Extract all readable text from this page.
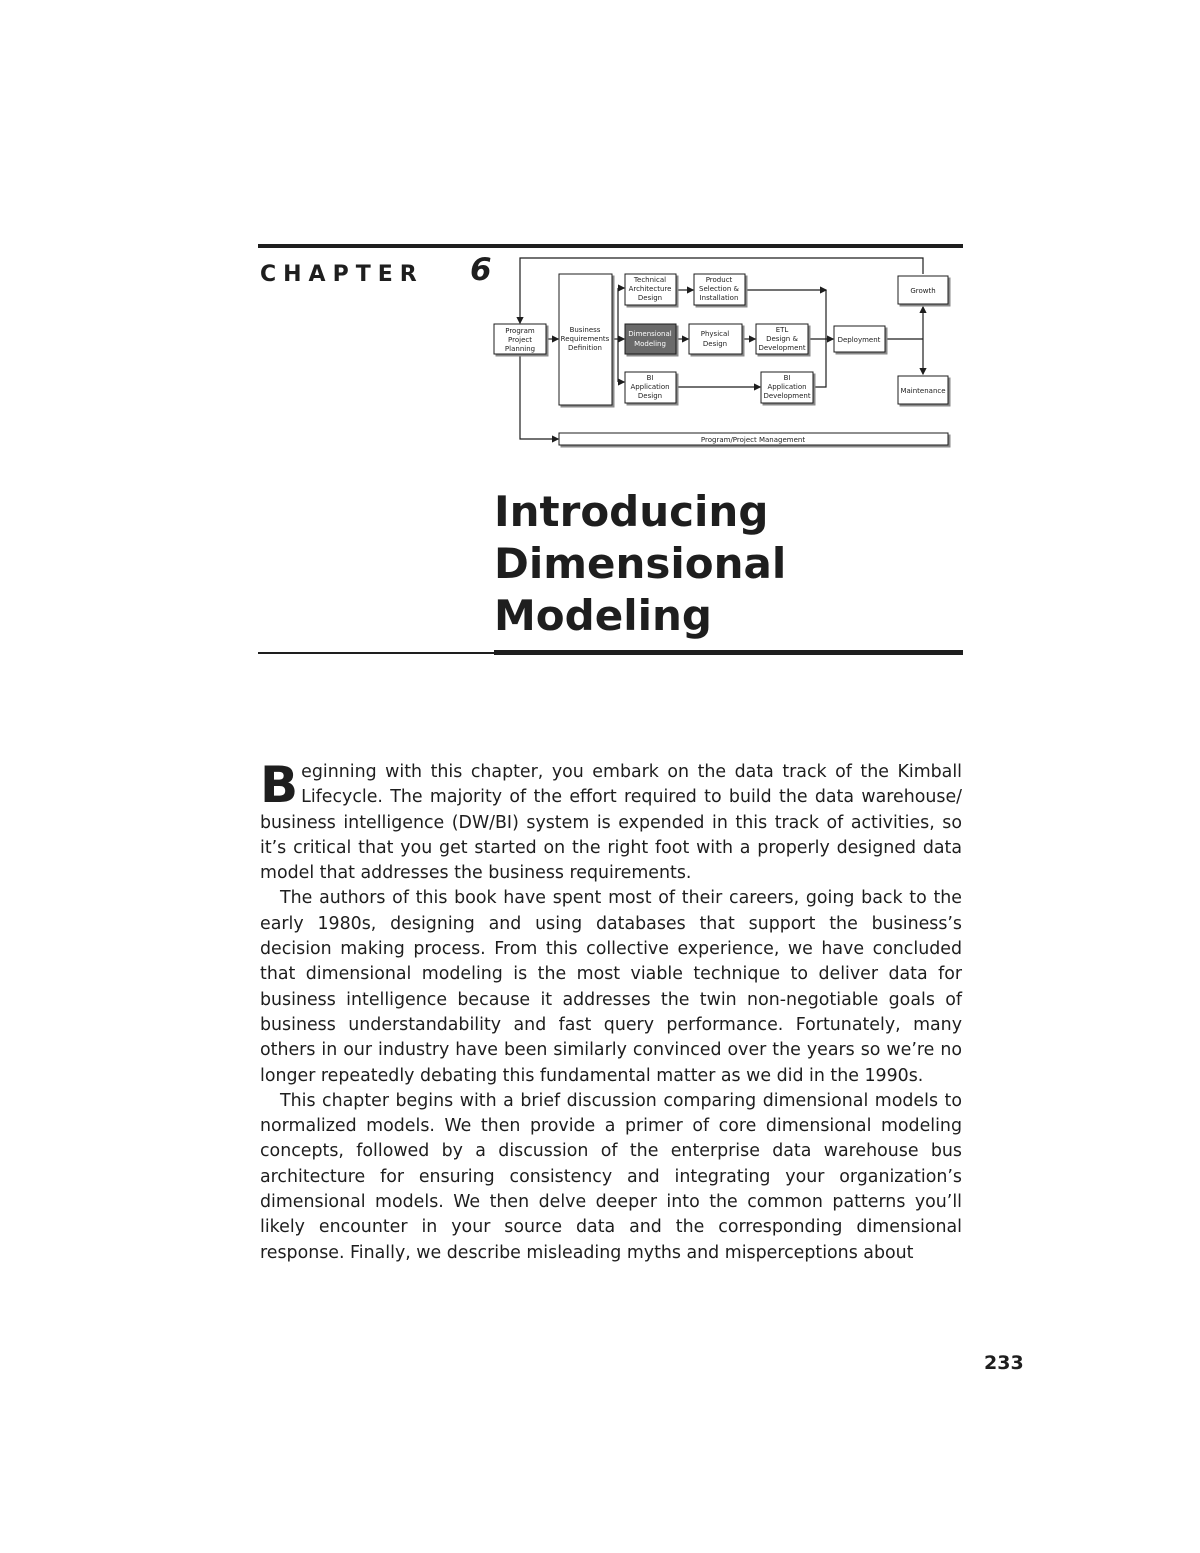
CHAPTER 6
Program
Project
Planning
Business
Requirements
Definition
Technical
Architecture
Design
Product
Selection &
Installation
Dimensional
Modeling
Physical
Design
ETL
Design &
Development
BI
Application
Design
BI
Application
Development
Deployment
Growth
Maintenance
Program/Project Management
Introducing
Dimensional
Modeling

Beginning with this chapter, you embark on the data track of the Kimball Lifecycle. The majority of the effort required to build the data warehouse/ business intelligence (DW/BI) system is expended in this track of activities, so it’s critical that you get started on the right foot with a properly designed data model that addresses the business requirements.

The authors of this book have spent most of their careers, going back to the early 1980s, designing and using databases that support the business’s decision making process. From this collective experience, we have concluded that dimensional modeling is the most viable technique to deliver data for business intelligence because it addresses the twin non-negotiable goals of business understandability and fast query performance. Fortunately, many others in our industry have been similarly convinced over the years so we’re no longer repeatedly debating this fundamental matter as we did in the 1990s.

This chapter begins with a brief discussion comparing dimensional models to normalized models. We then provide a primer of core dimensional modeling concepts, followed by a discussion of the enterprise data warehouse bus architecture for ensuring consistency and integrating your organization’s dimensional models. We then delve deeper into the common patterns you’ll likely encounter in your source data and the corresponding dimensional response. Finally, we describe misleading myths and misperceptions about

233
